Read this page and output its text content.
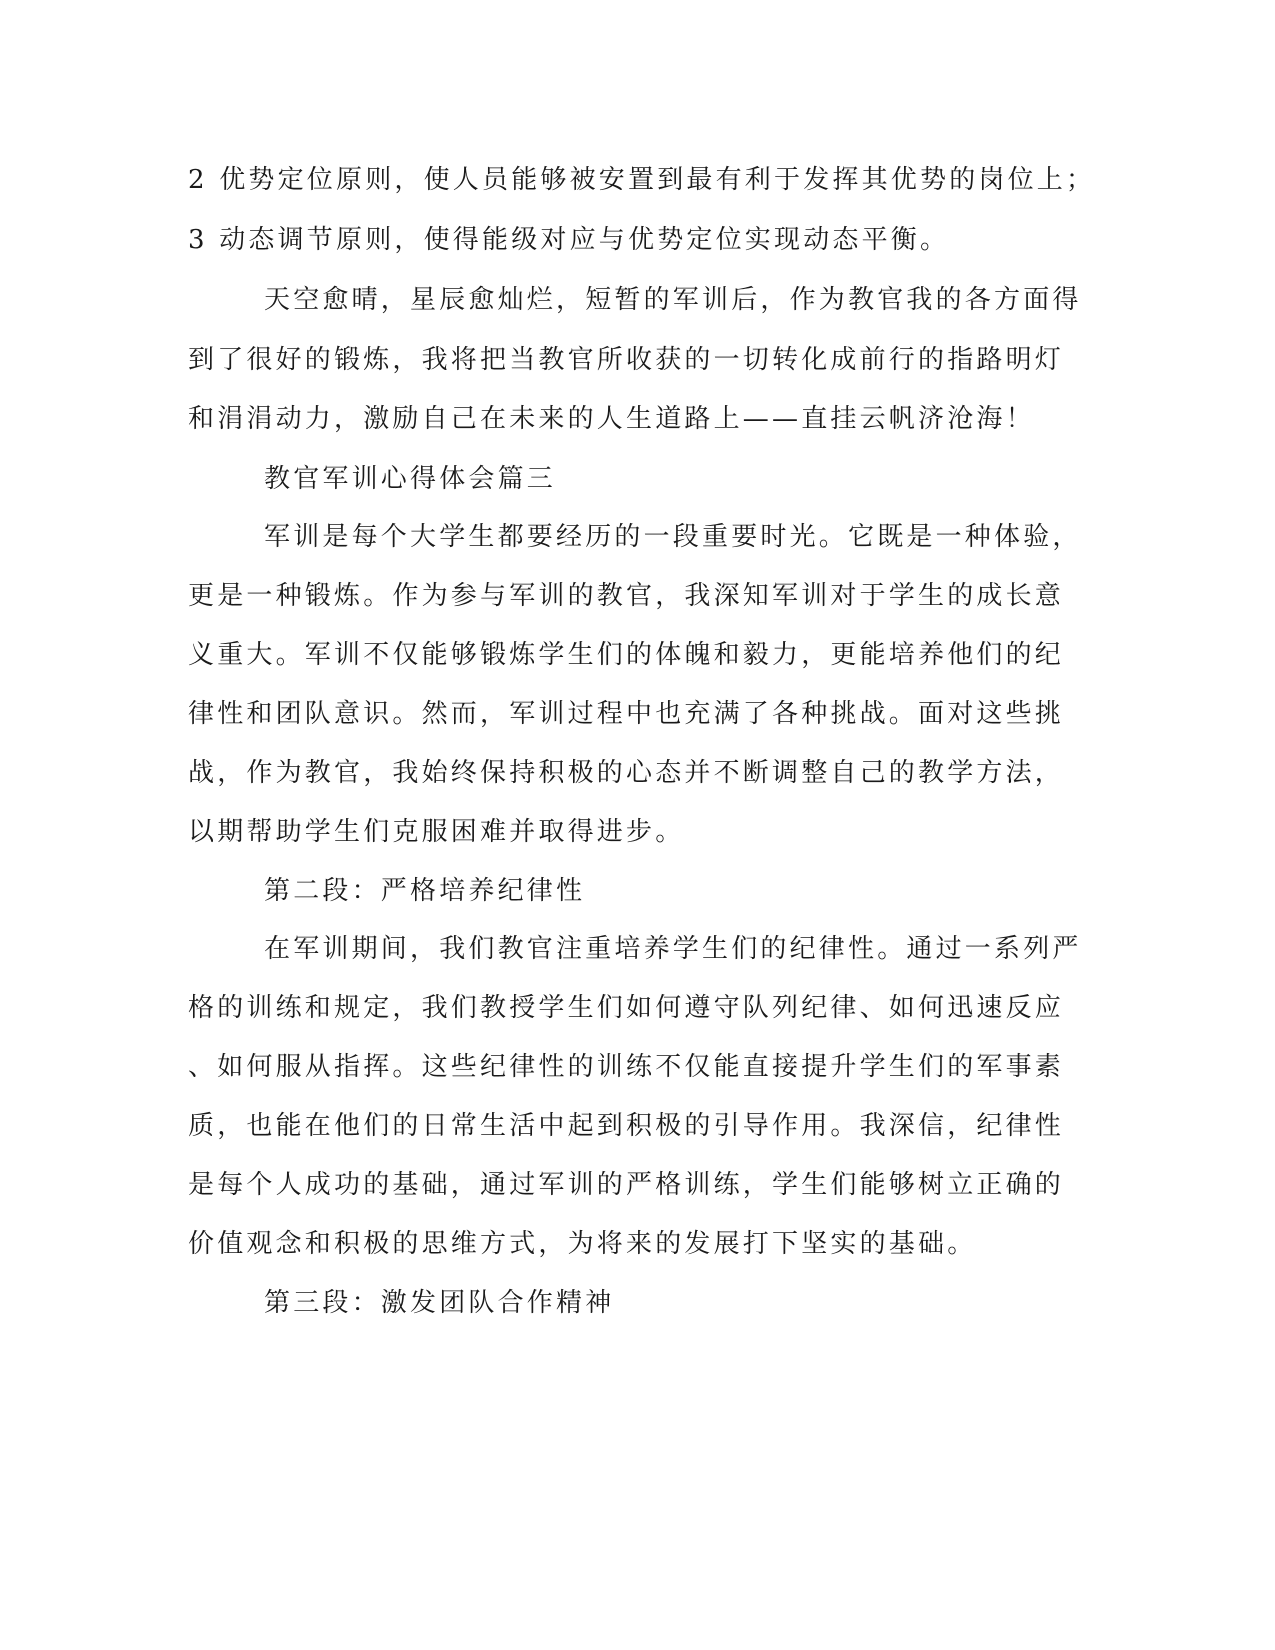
2 优势定位原则，使人员能够被安置到最有利于发挥其优势的岗位上；
3 动态调节原则，使得能级对应与优势定位实现动态平衡。
天空愈晴，星辰愈灿烂，短暂的军训后，作为教官我的各方面得
到了很好的锻炼，我将把当教官所收获的一切转化成前行的指路明灯
和涓涓动力，激励自己在未来的人生道路上——直挂云帆济沧海！
教官军训心得体会篇三
军训是每个大学生都要经历的一段重要时光。它既是一种体验，
更是一种锻炼。作为参与军训的教官，我深知军训对于学生的成长意
义重大。军训不仅能够锻炼学生们的体魄和毅力，更能培养他们的纪
律性和团队意识。然而，军训过程中也充满了各种挑战。面对这些挑
战，作为教官，我始终保持积极的心态并不断调整自己的教学方法，
以期帮助学生们克服困难并取得进步。
第二段：严格培养纪律性
在军训期间，我们教官注重培养学生们的纪律性。通过一系列严
格的训练和规定，我们教授学生们如何遵守队列纪律、如何迅速反应
、如何服从指挥。这些纪律性的训练不仅能直接提升学生们的军事素
质，也能在他们的日常生活中起到积极的引导作用。我深信，纪律性
是每个人成功的基础，通过军训的严格训练，学生们能够树立正确的
价值观念和积极的思维方式，为将来的发展打下坚实的基础。
第三段：激发团队合作精神
